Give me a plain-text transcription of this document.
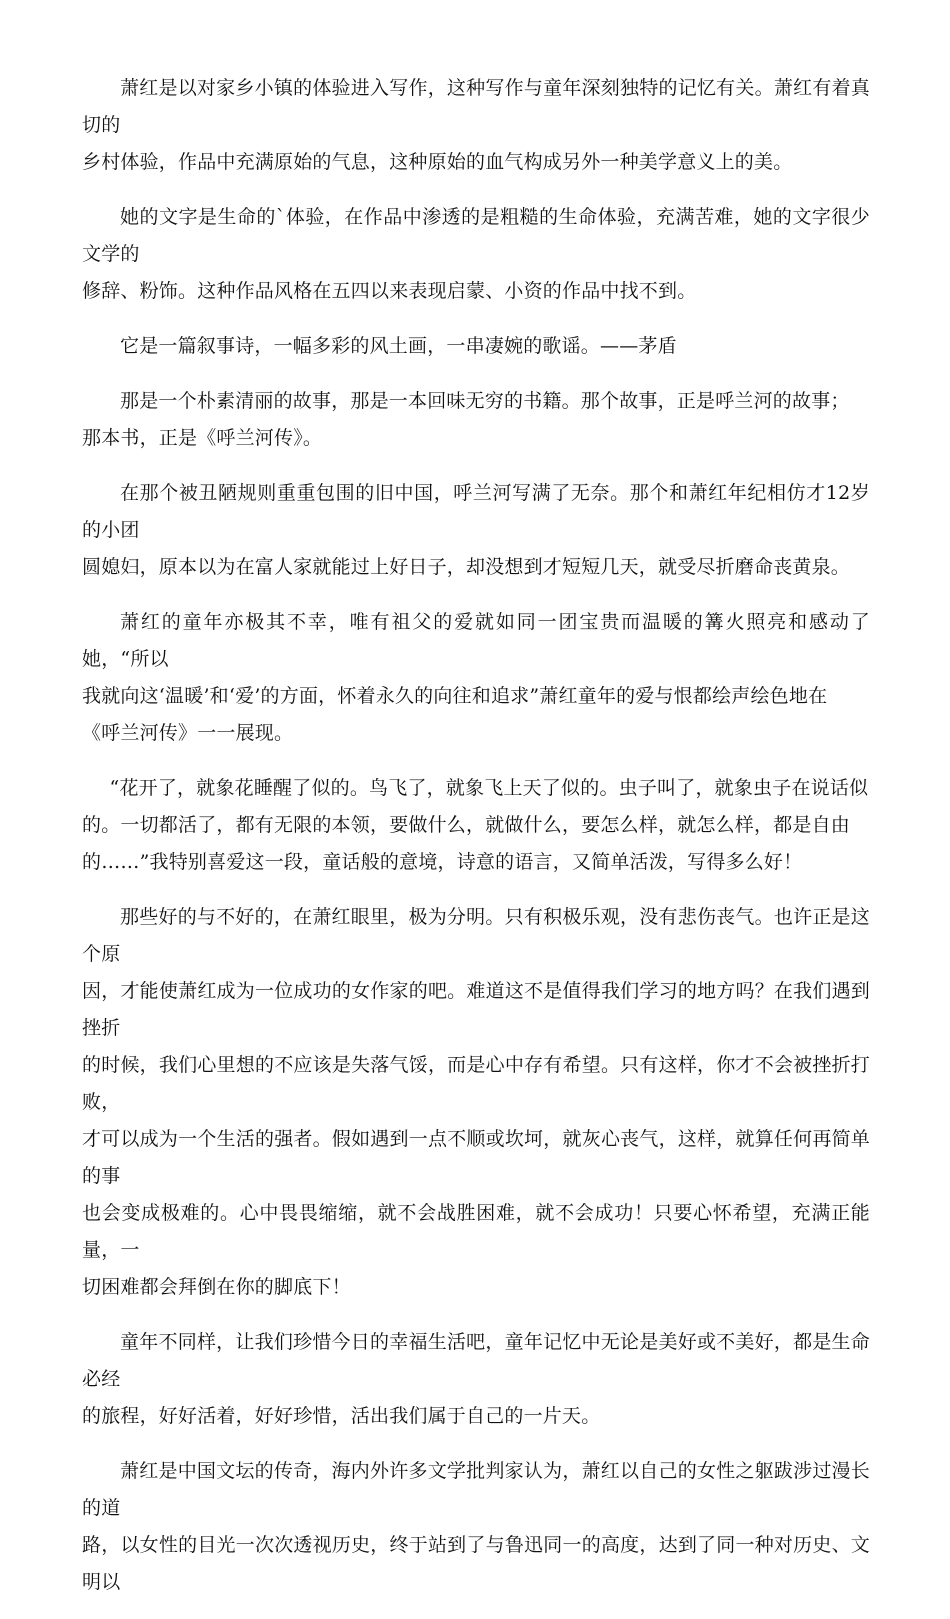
萧红是以对家乡小镇的体验进入写作，这种写作与童年深刻独特的记忆有关。萧红有着真切的
乡村体验，作品中充满原始的气息，这种原始的血气构成另外一种美学意义上的美。

她的文字是生命的`体验，在作品中渗透的是粗糙的生命体验，充满苦难，她的文字很少文学的
修辞、粉饰。这种作品风格在五四以来表现启蒙、小资的作品中找不到。

它是一篇叙事诗，一幅多彩的风土画，一串凄婉的歌谣。——茅盾

那是一个朴素清丽的故事，那是一本回味无穷的书籍。那个故事，正是呼兰河的故事；
那本书，正是《呼兰河传》。

在那个被丑陋规则重重包围的旧中国，呼兰河写满了无奈。那个和萧红年纪相仿才12岁的小团
圆媳妇，原本以为在富人家就能过上好日子，却没想到才短短几天，就受尽折磨命丧黄泉。

萧红的童年亦极其不幸，唯有祖父的爱就如同一团宝贵而温暖的篝火照亮和感动了她，“所以
我就向这‘温暖’和‘爱’的方面，怀着永久的向往和追求”萧红童年的爱与恨都绘声绘色地在
《呼兰河传》一一展现。

“花开了，就象花睡醒了似的。鸟飞了，就象飞上天了似的。虫子叫了，就象虫子在说话似
的。一切都活了，都有无限的本领，要做什么，就做什么，要怎么样，就怎么样，都是自由
的……”我特别喜爱这一段，童话般的意境，诗意的语言，又简单活泼，写得多么好！

那些好的与不好的，在萧红眼里，极为分明。只有积极乐观，没有悲伤丧气。也许正是这个原
因，才能使萧红成为一位成功的女作家的吧。难道这不是值得我们学习的地方吗？在我们遇到挫折
的时候，我们心里想的不应该是失落气馁，而是心中存有希望。只有这样，你才不会被挫折打败，
才可以成为一个生活的强者。假如遇到一点不顺或坎坷，就灰心丧气，这样，就算任何再简单的事
也会变成极难的。心中畏畏缩缩，就不会战胜困难，就不会成功！只要心怀希望，充满正能量，一
切困难都会拜倒在你的脚底下！

童年不同样，让我们珍惜今日的幸福生活吧，童年记忆中无论是美好或不美好，都是生命必经
的旅程，好好活着，好好珍惜，活出我们属于自己的一片天。

萧红是中国文坛的传奇，海内外许多文学批判家认为，萧红以自己的女性之躯跋涉过漫长的道
路，以女性的目光一次次透视历史，终于站到了与鲁迅同一的高度，达到了同一种对历史、文明以
